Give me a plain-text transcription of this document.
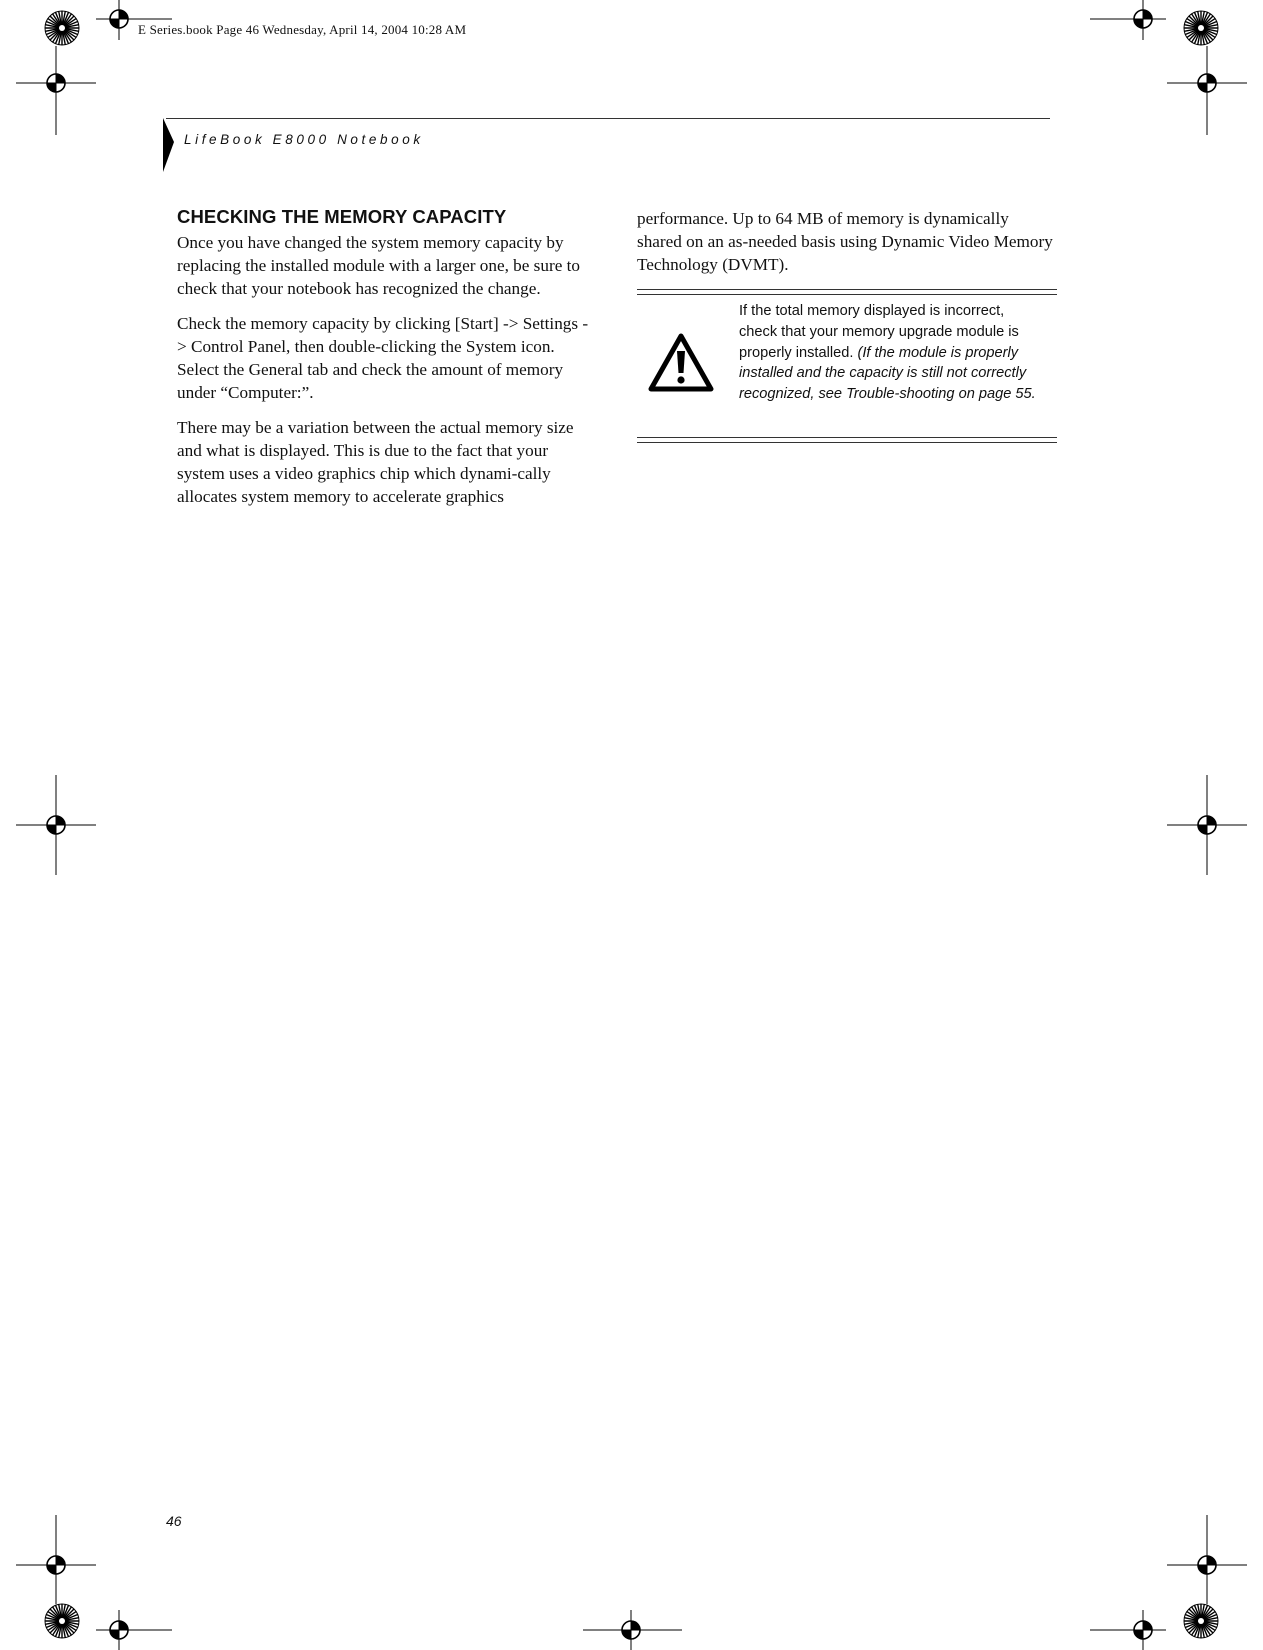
E Series.book Page 46 Wednesday, April 14, 2004 10:28 AM
LifeBook E8000 Notebook
CHECKING THE MEMORY CAPACITY

Once you have changed the system memory capacity by replacing the installed module with a larger one, be sure to check that your notebook has recognized the change.

Check the memory capacity by clicking [Start] -> Settings -> Control Panel, then double-clicking the System icon. Select the General tab and check the amount of memory under “Computer:”.

There may be a variation between the actual memory size and what is displayed. This is due to the fact that your system uses a video graphics chip which dynami-cally allocates system memory to accelerate graphics

performance. Up to 64 MB of memory is dynamically shared on an as-needed basis using Dynamic Video Memory Technology (DVMT).

If the total memory displayed is incorrect, check that your memory upgrade module is properly installed. (If the module is properly installed and the capacity is still not correctly recognized, see Trouble-shooting on page 55.
46
